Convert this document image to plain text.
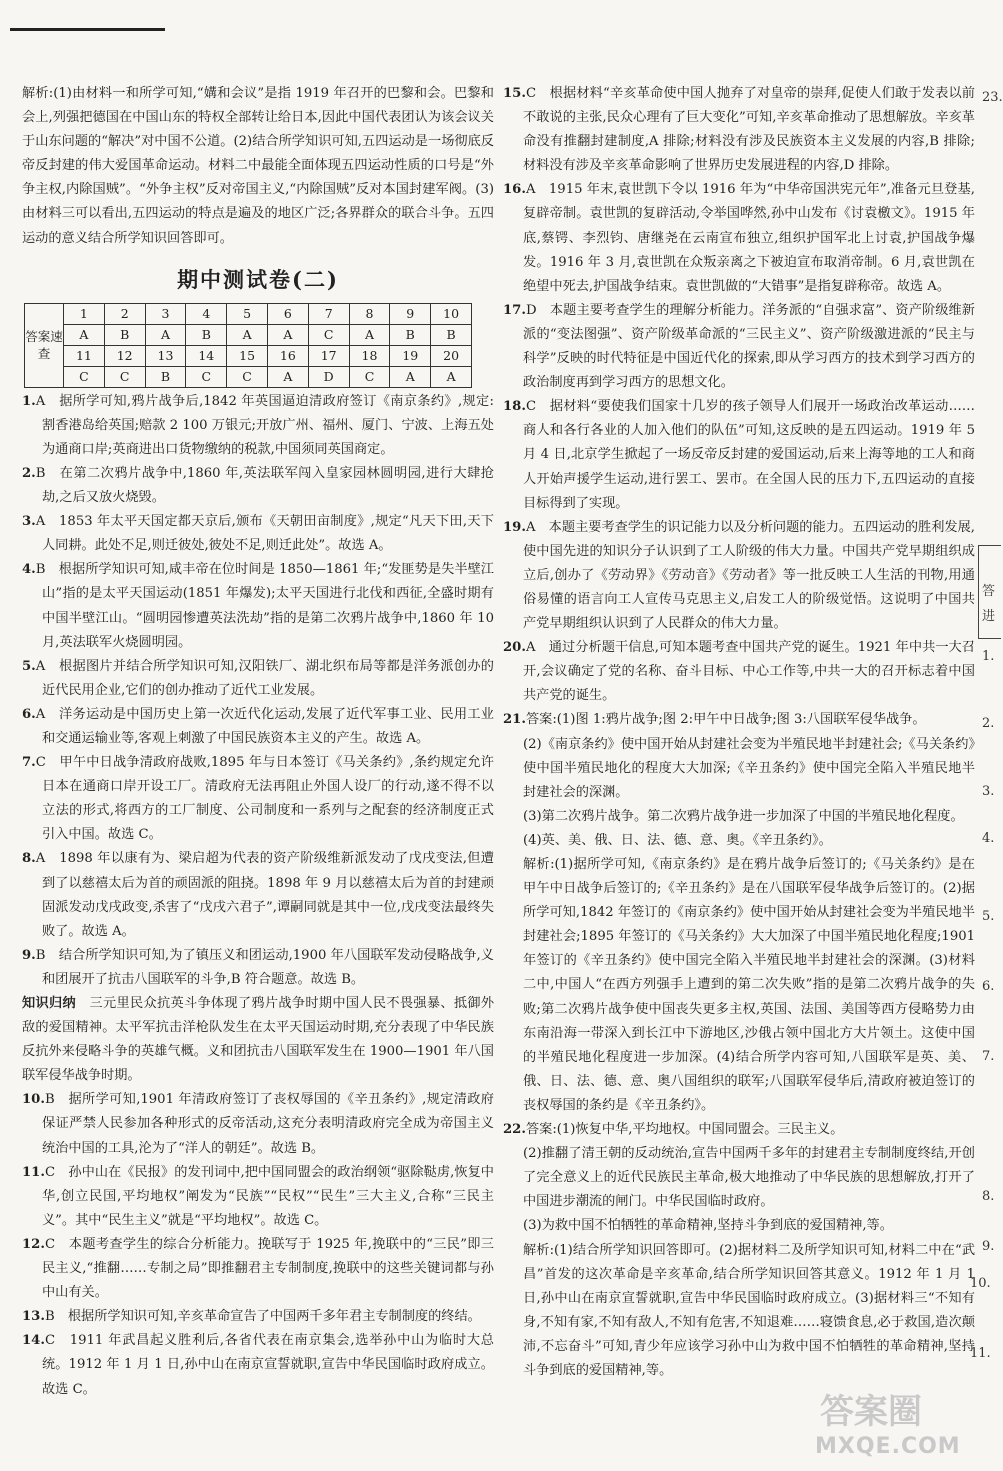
解析:(1)由材料一和所学可知,“媾和会议”是指 1919 年召开的巴黎和会。巴黎和会上,列强把德国在中国山东的特权全部转让给日本,因此中国代表团认为该会议关于山东问题的“解决”对中国不公道。(2)结合所学知识可知,五四运动是一场彻底反帝反封建的伟大爱国革命运动。材料二中最能全面体现五四运动性质的口号是“外争主权,内除国贼”。“外争主权”反对帝国主义,“内除国贼”反对本国封建军阀。(3)由材料三可以看出,五四运动的特点是遍及的地区广泛;各界群众的联合斗争。五四运动的意义结合所学知识回答即可。

期中测试卷(二)
答案速查	1	2	3	4	5	6	7	8	9	10
	A	B	A	B	A	A	C	A	B	B
	11	12	13	14	15	16	17	18	19	20
	C	C	B	C	C	A	D	C	A	A

1.A　据所学可知,鸦片战争后,1842 年英国逼迫清政府签订《南京条约》,规定:割香港岛给英国;赔款 2 100 万银元;开放广州、福州、厦门、宁波、上海五处为通商口岸;英商进出口货物缴纳的税款,中国须同英国商定。

2.B　在第二次鸦片战争中,1860 年,英法联军闯入皇家园林圆明园,进行大肆抢劫,之后又放火烧毁。

3.A　1853 年太平天国定都天京后,颁布《天朝田亩制度》,规定“凡天下田,天下人同耕。此处不足,则迁彼处,彼处不足,则迁此处”。故选 A。

4.B　根据所学知识可知,咸丰帝在位时间是 1850—1861 年;“发匪势是失半壁江山”指的是太平天国运动(1851 年爆发);太平天国进行北伐和西征,全盛时期有中国半壁江山。“圆明园惨遭英法洗劫”指的是第二次鸦片战争中,1860 年 10 月,英法联军火烧圆明园。

5.A　根据图片并结合所学知识可知,汉阳铁厂、湖北织布局等都是洋务派创办的近代民用企业,它们的创办推动了近代工业发展。

6.A　洋务运动是中国历史上第一次近代化运动,发展了近代军事工业、民用工业和交通运输业等,客观上刺激了中国民族资本主义的产生。故选 A。

7.C　甲午中日战争清政府战败,1895 年与日本签订《马关条约》,条约规定允许日本在通商口岸开设工厂。清政府无法再阻止外国人设厂的行动,遂不得不以立法的形式,将西方的工厂制度、公司制度和一系列与之配套的经济制度正式引入中国。故选 C。

8.A　1898 年以康有为、梁启超为代表的资产阶级维新派发动了戊戌变法,但遭到了以慈禧太后为首的顽固派的阻挠。1898 年 9 月以慈禧太后为首的封建顽固派发动戊戌政变,杀害了“戊戌六君子”,谭嗣同就是其中一位,戊戌变法最终失败了。故选 A。

9.B　结合所学知识可知,为了镇压义和团运动,1900 年八国联军发动侵略战争,义和团展开了抗击八国联军的斗争,B 符合题意。故选 B。

知识归纳　 三元里民众抗英斗争体现了鸦片战争时期中国人民不畏强暴、抵御外敌的爱国精神。太平军抗击洋枪队发生在太平天国运动时期,充分表现了中华民族反抗外来侵略斗争的英雄气概。义和团抗击八国联军发生在 1900—1901 年八国联军侵华战争时期。

10.B　据所学可知,1901 年清政府签订了丧权辱国的《辛丑条约》,规定清政府保证严禁人民参加各种形式的反帝活动,这充分表明清政府完全成为帝国主义统治中国的工具,沦为了“洋人的朝廷”。故选 B。

11.C　孙中山在《民报》的发刊词中,把中国同盟会的政治纲领“驱除鞑虏,恢复中华,创立民国,平均地权”阐发为“民族”“民权”“民生”三大主义,合称“三民主义”。其中“民生主义”就是“平均地权”。故选 C。

12.C　本题考查学生的综合分析能力。挽联写于 1925 年,挽联中的“三民”即三民主义,“推翻……专制之局”即推翻君主专制制度,挽联中的这些关键词都与孙中山有关。

13.B　根据所学知识可知,辛亥革命宣告了中国两千多年君主专制制度的终结。

14.C　1911 年武昌起义胜利后,各省代表在南京集会,选举孙中山为临时大总统。1912 年 1 月 1 日,孙中山在南京宣誓就职,宣告中华民国临时政府成立。故选 C。

15.C　根据材料“辛亥革命使中国人抛弃了对皇帝的崇拜,促使人们敢于发表以前不敢说的主张,民众心理有了巨大变化”可知,辛亥革命推动了思想解放。辛亥革命没有推翻封建制度,A 排除;材料没有涉及民族资本主义发展的内容,B 排除;材料没有涉及辛亥革命影响了世界历史发展进程的内容,D 排除。

16.A　1915 年末,袁世凯下令以 1916 年为“中华帝国洪宪元年”,准备元旦登基,复辟帝制。袁世凯的复辟活动,令举国哗然,孙中山发布《讨袁檄文》。1915 年底,蔡锷、李烈钧、唐继尧在云南宣布独立,组织护国军北上讨袁,护国战争爆发。1916 年 3 月,袁世凯在众叛亲离之下被迫宣布取消帝制。6 月,袁世凯在绝望中死去,护国战争结束。袁世凯做的“大错事”是指复辟称帝。故选 A。

17.D　本题主要考查学生的理解分析能力。洋务派的“自强求富”、资产阶级维新派的“变法图强”、资产阶级革命派的“三民主义”、资产阶级激进派的“民主与科学”反映的时代特征是中国近代化的探索,即从学习西方的技术到学习西方的政治制度再到学习西方的思想文化。

18.C　据材料“要使我们国家十几岁的孩子领导人们展开一场政治改革运动……商人和各行各业的人加入他们的队伍”可知,这反映的是五四运动。1919 年 5 月 4 日,北京学生掀起了一场反帝反封建的爱国运动,后来上海等地的工人和商人开始声援学生运动,进行罢工、罢市。在全国人民的压力下,五四运动的直接目标得到了实现。

19.A　本题主要考查学生的识记能力以及分析问题的能力。五四运动的胜利发展,使中国先进的知识分子认识到了工人阶级的伟大力量。中国共产党早期组织成立后,创办了《劳动界》《劳动音》《劳动者》等一批反映工人生活的刊物,用通俗易懂的语言向工人宣传马克思主义,启发工人的阶级觉悟。这说明了中国共产党早期组织认识到了人民群众的伟大力量。

20.A　通过分析题干信息,可知本题考查中国共产党的诞生。1921 年中共一大召开,会议确定了党的名称、奋斗目标、中心工作等,中共一大的召开标志着中国共产党的诞生。

21.答案:(1)图 1:鸦片战争;图 2:甲午中日战争;图 3:八国联军侵华战争。

(2)《南京条约》使中国开始从封建社会变为半殖民地半封建社会;《马关条约》使中国半殖民地化的程度大大加深;《辛丑条约》使中国完全陷入半殖民地半封建社会的深渊。

(3)第二次鸦片战争。第二次鸦片战争进一步加深了中国的半殖民地化程度。

(4)英、美、俄、日、法、德、意、奥。《辛丑条约》。

解析:(1)据所学可知,《南京条约》是在鸦片战争后签订的;《马关条约》是在甲午中日战争后签订的;《辛丑条约》是在八国联军侵华战争后签订的。(2)据所学可知,1842 年签订的《南京条约》使中国开始从封建社会变为半殖民地半封建社会;1895 年签订的《马关条约》大大加深了中国半殖民地化程度;1901 年签订的《辛丑条约》使中国完全陷入半殖民地半封建社会的深渊。(3)材料二中,中国人“在西方列强手上遭到的第二次失败”指的是第二次鸦片战争的失败;第二次鸦片战争使中国丧失更多主权,英国、法国、美国等西方侵略势力由东南沿海一带深入到长江中下游地区,沙俄占领中国北方大片领土。这使中国的半殖民地化程度进一步加深。(4)结合所学内容可知,八国联军是英、美、俄、日、法、德、意、奥八国组织的联军;八国联军侵华后,清政府被迫签订的丧权辱国的条约是《辛丑条约》。

22.答案:(1)恢复中华,平均地权。中国同盟会。三民主义。

(2)推翻了清王朝的反动统治,宣告中国两千多年的封建君主专制制度终结,开创了完全意义上的近代民族民主革命,极大地推动了中华民族的思想解放,打开了中国进步潮流的闸门。中华民国临时政府。

(3)为救中国不怕牺牲的革命精神,坚持斗争到底的爱国精神,等。

解析:(1)结合所学知识回答即可。(2)据材料二及所学知识可知,材料二中在“武昌”首发的这次革命是辛亥革命,结合所学知识回答其意义。1912 年 1 月 1 日,孙中山在南京宣誓就职,宣告中华民国临时政府成立。(3)据材料三“不知有身,不知有家,不知有敌人,不知有危害,不知退难……寝馈食息,必于救国,造次颠沛,不忘奋斗”可知,青少年应该学习孙中山为救中国不怕牺牲的革命精神,坚持斗争到底的爱国精神,等。

23.
答
进
1.
2.
3.
4.
5.
6.
7.
8.
9.
10.
11.
答案圈
MXQE.COM
